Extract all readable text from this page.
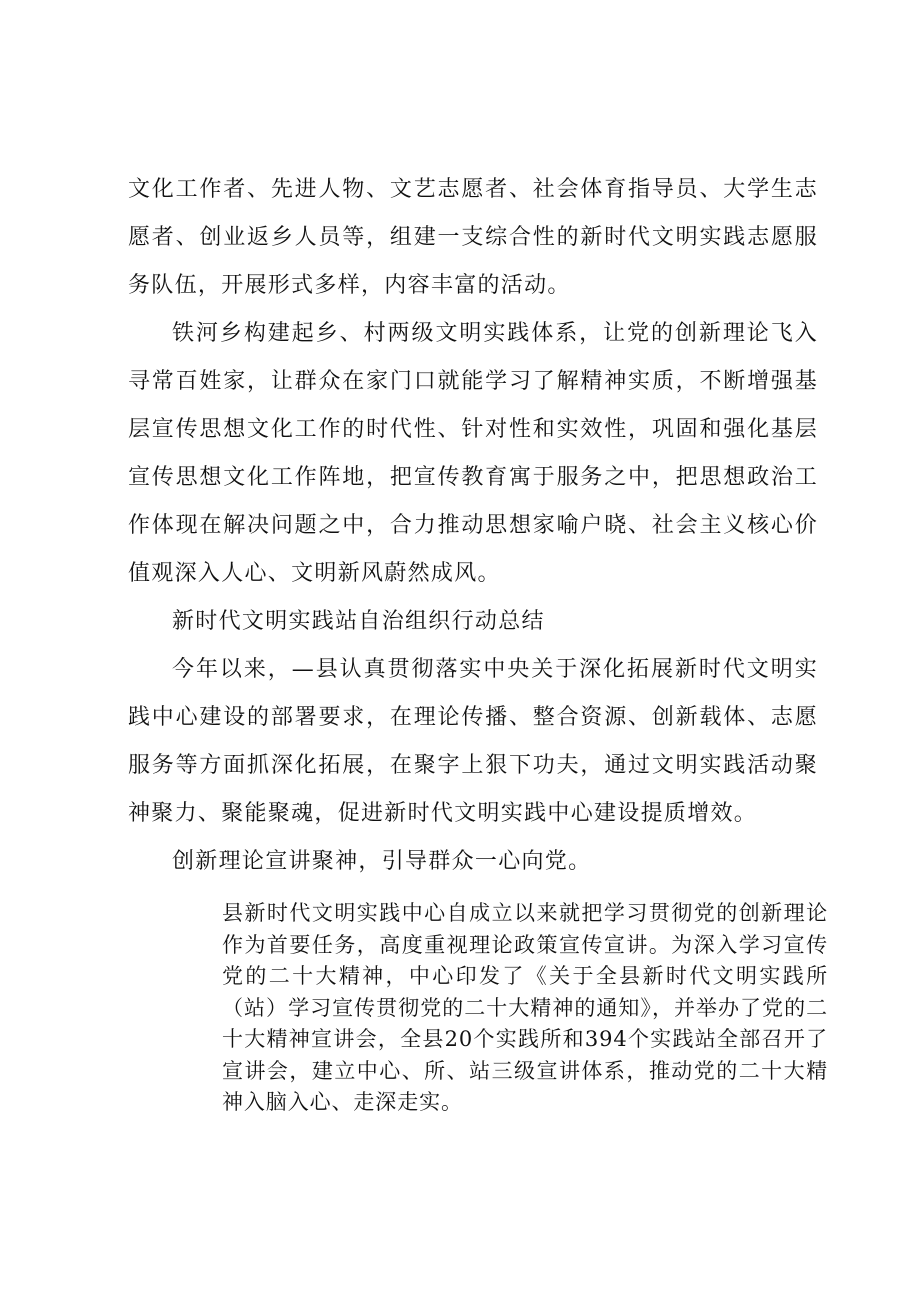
文化工作者、先进人物、文艺志愿者、社会体育指导员、大学生志愿者、创业返乡人员等，组建一支综合性的新时代文明实践志愿服务队伍，开展形式多样，内容丰富的活动。

铁河乡构建起乡、村两级文明实践体系，让党的创新理论飞入寻常百姓家，让群众在家门口就能学习了解精神实质，不断增强基层宣传思想文化工作的时代性、针对性和实效性，巩固和强化基层宣传思想文化工作阵地，把宣传教育寓于服务之中，把思想政治工作体现在解决问题之中，合力推动思想家喻户晓、社会主义核心价值观深入人心、文明新风蔚然成风。

新时代文明实践站自治组织行动总结

今年以来，—县认真贯彻落实中央关于深化拓展新时代文明实践中心建设的部署要求，在理论传播、整合资源、创新载体、志愿服务等方面抓深化拓展，在聚字上狠下功夫，通过文明实践活动聚神聚力、聚能聚魂，促进新时代文明实践中心建设提质增效。

创新理论宣讲聚神，引导群众一心向党。

县新时代文明实践中心自成立以来就把学习贯彻党的创新理论作为首要任务，高度重视理论政策宣传宣讲。为深入学习宣传党的二十大精神，中心印发了《关于全县新时代文明实践所（站）学习宣传贯彻党的二十大精神的通知》，并举办了党的二十大精神宣讲会，全县20个实践所和394个实践站全部召开了宣讲会，建立中心、所、站三级宣讲体系，推动党的二十大精神入脑入心、走深走实。
